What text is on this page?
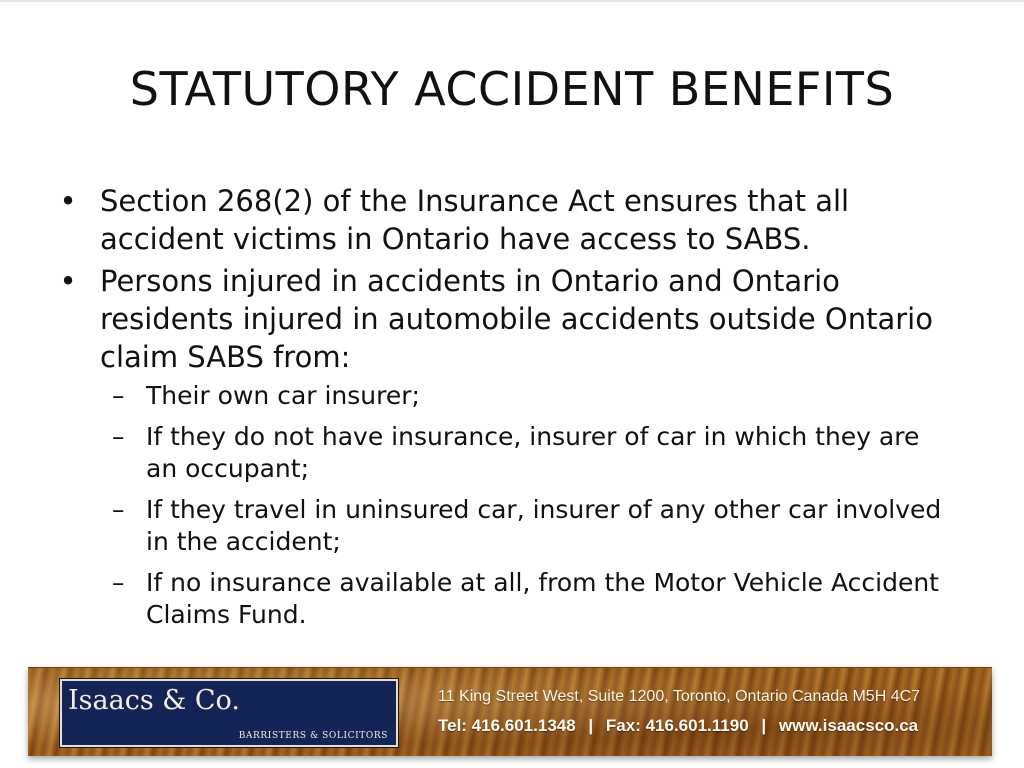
STATUTORY ACCIDENT BENEFITS
• Section 268(2) of the Insurance Act ensures that all accident victims in Ontario have access to SABS.
• Persons injured in accidents in Ontario and Ontario residents injured in automobile accidents outside Ontario claim SABS from:
– Their own car insurer;
– If they do not have insurance, insurer of car in which they are an occupant;
– If they travel in uninsured car, insurer of any other car involved in the accident;
– If no insurance available at all, from the Motor Vehicle Accident Claims Fund.
Isaacs & Co.
BARRISTERS & SOLICITORS
11 King Street West, Suite 1200, Toronto, Ontario Canada M5H 4C7
Tel: 416.601.1348 | Fax: 416.601.1190 | www.isaacsco.ca
